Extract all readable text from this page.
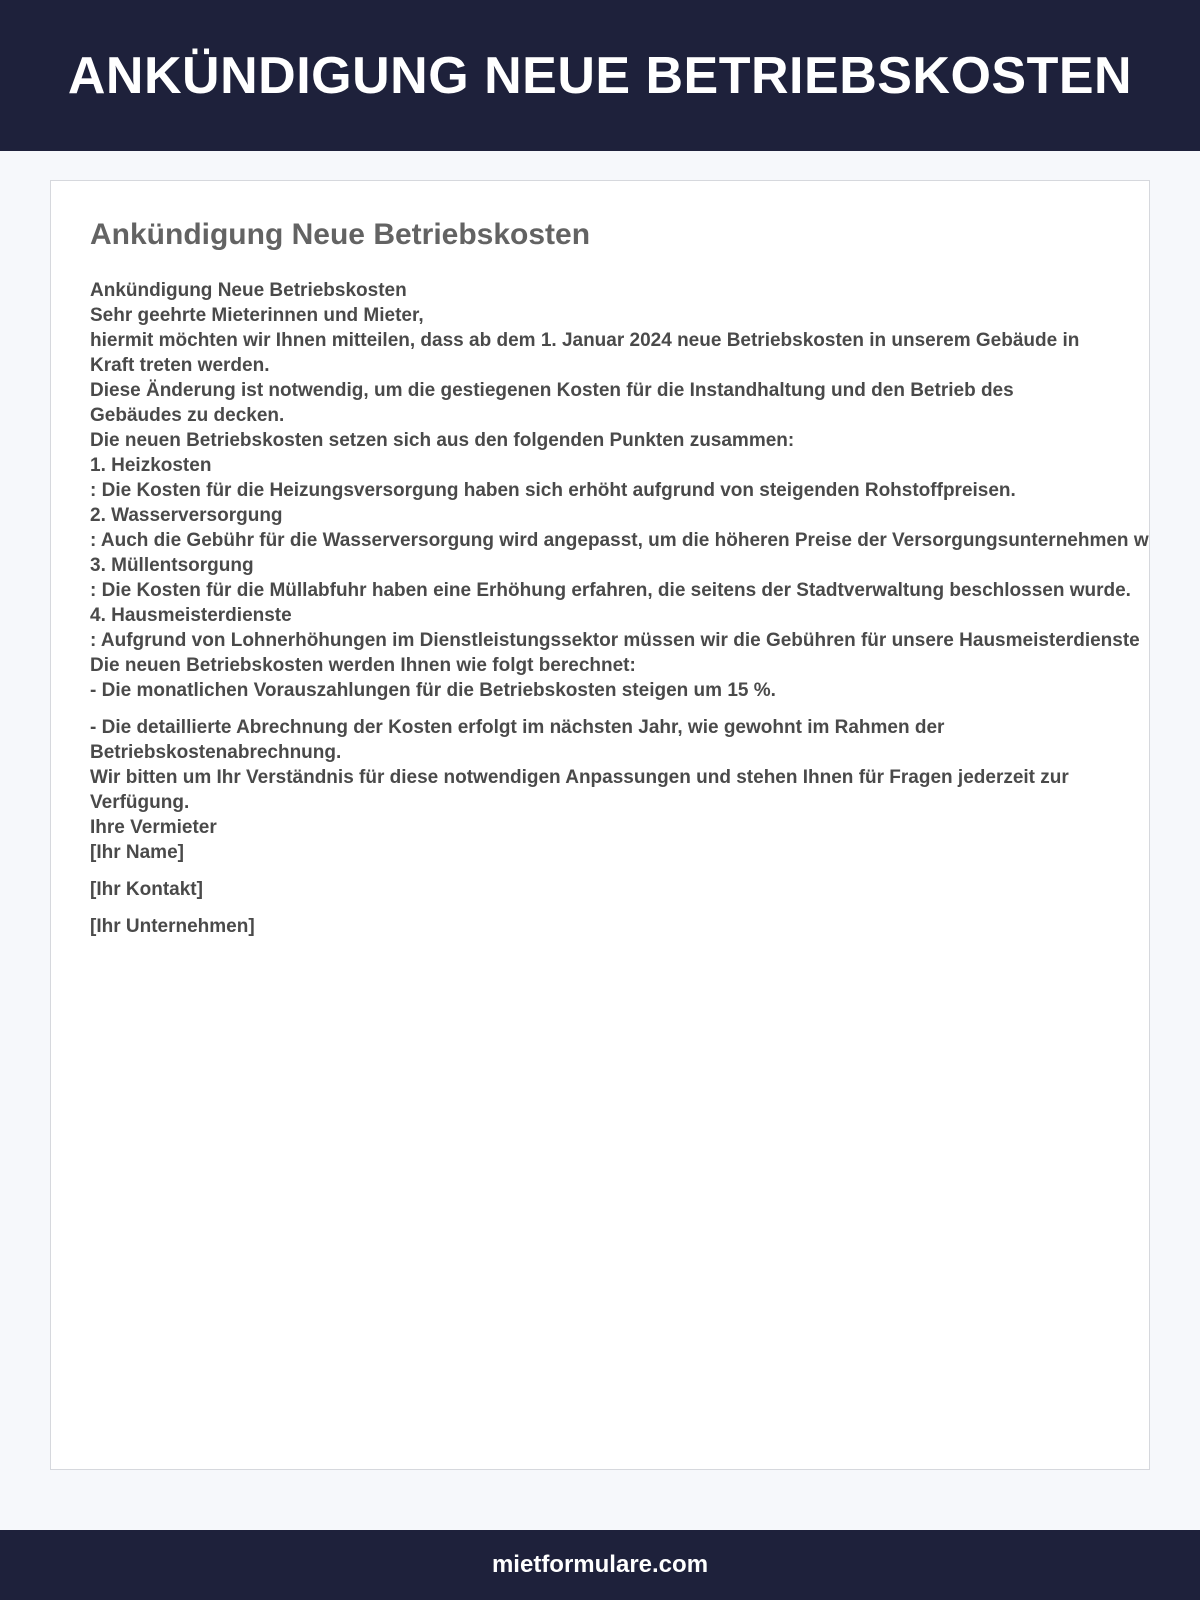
ANKÜNDIGUNG NEUE BETRIEBSKOSTEN
Ankündigung Neue Betriebskosten
Ankündigung Neue Betriebskosten
Sehr geehrte Mieterinnen und Mieter,
hiermit möchten wir Ihnen mitteilen, dass ab dem 1. Januar 2024 neue Betriebskosten in unserem Gebäude in Kraft treten werden.
Diese Änderung ist notwendig, um die gestiegenen Kosten für die Instandhaltung und den Betrieb des Gebäudes zu decken.
Die neuen Betriebskosten setzen sich aus den folgenden Punkten zusammen:
1. Heizkosten
: Die Kosten für die Heizungsversorgung haben sich erhöht aufgrund von steigenden Rohstoffpreisen.
2. Wasserversorgung
: Auch die Gebühr für die Wasserversorgung wird angepasst, um die höheren Preise der Versorgungsunternehmen w
3. Müllentsorgung
: Die Kosten für die Müllabfuhr haben eine Erhöhung erfahren, die seitens der Stadtverwaltung beschlossen wurde.
4. Hausmeisterdienste
: Aufgrund von Lohnerhöhungen im Dienstleistungssektor müssen wir die Gebühren für unsere Hausmeisterdienste
Die neuen Betriebskosten werden Ihnen wie folgt berechnet:
- Die monatlichen Vorauszahlungen für die Betriebskosten steigen um 15 %.
- Die detaillierte Abrechnung der Kosten erfolgt im nächsten Jahr, wie gewohnt im Rahmen der Betriebskostenabrechnung.
Wir bitten um Ihr Verständnis für diese notwendigen Anpassungen und stehen Ihnen für Fragen jederzeit zur Verfügung.
Ihre Vermieter
[Ihr Name]
[Ihr Kontakt]
[Ihr Unternehmen]
mietformulare.com
